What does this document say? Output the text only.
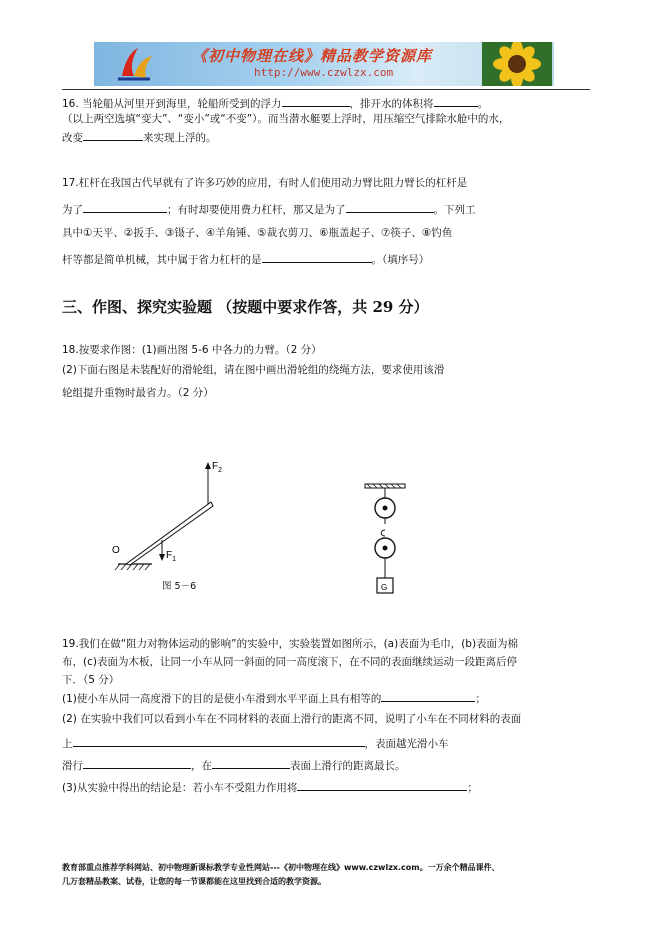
《初中物理在线》精品教学资源库
http://www.czwlzx.com
16. 当轮船从河里开到海里，轮船所受到的浮力	，排开水的体积将	。
（以上两空选填“变大”、“变小”或“不变”）。而当潜水艇要上浮时，用压缩空气排除水舱中的水，
改变	来实现上浮的。
17.杠杆在我国古代早就有了许多巧妙的应用，有时人们使用动力臂比阻力臂长的杠杆是
为了	；有时却要使用费力杠杆，那又是为了	。下列工
具中①天平、②扳手、③镊子、④羊角锤、⑤裁衣剪刀、⑥瓶盖起子、⑦筷子、⑧钓鱼
杆等都是简单机械，其中属于省力杠杆的是	。（填序号）
三、作图、探究实验题 （按题中要求作答，共 29 分）
18.按要求作图：(1)画出图 5-6 中各力的力臂。（2 分）
(2)下面右图是未装配好的滑轮组，请在图中画出滑轮组的绕绳方法，要求使用该滑
轮组提升重物时最省力。（2 分）
$F_2$
$F_1$
O
图 5－6	G
19.我们在做“阻力对物体运动的影响”的实验中，实验装置如图所示，(a)表面为毛巾，(b)表面为棉
布，(c)表面为木板，让同一小车从同一斜面的同一高度滚下，在不同的表面继续运动一段距离后停
下．（5 分）
(1)使小车从同一高度滑下的目的是使小车滑到水平平面上具有相等的	；
(2) 在实验中我们可以看到小车在不同材料的表面上滑行的距离不同，说明了小车在不同材料的表面
上	，表面越光滑小车
滑行	，在	表面上滑行的距离最长。
(3)从实验中得出的结论是：若小车不受阻力作用将	；
教育部重点推荐学科网站、初中物理新课标教学专业性网站---《初中物理在线》www.czwlzx.com。一万余个精品课件、
几万套精品教案、试卷，让您的每一节课都能在这里找到合适的教学资源。
